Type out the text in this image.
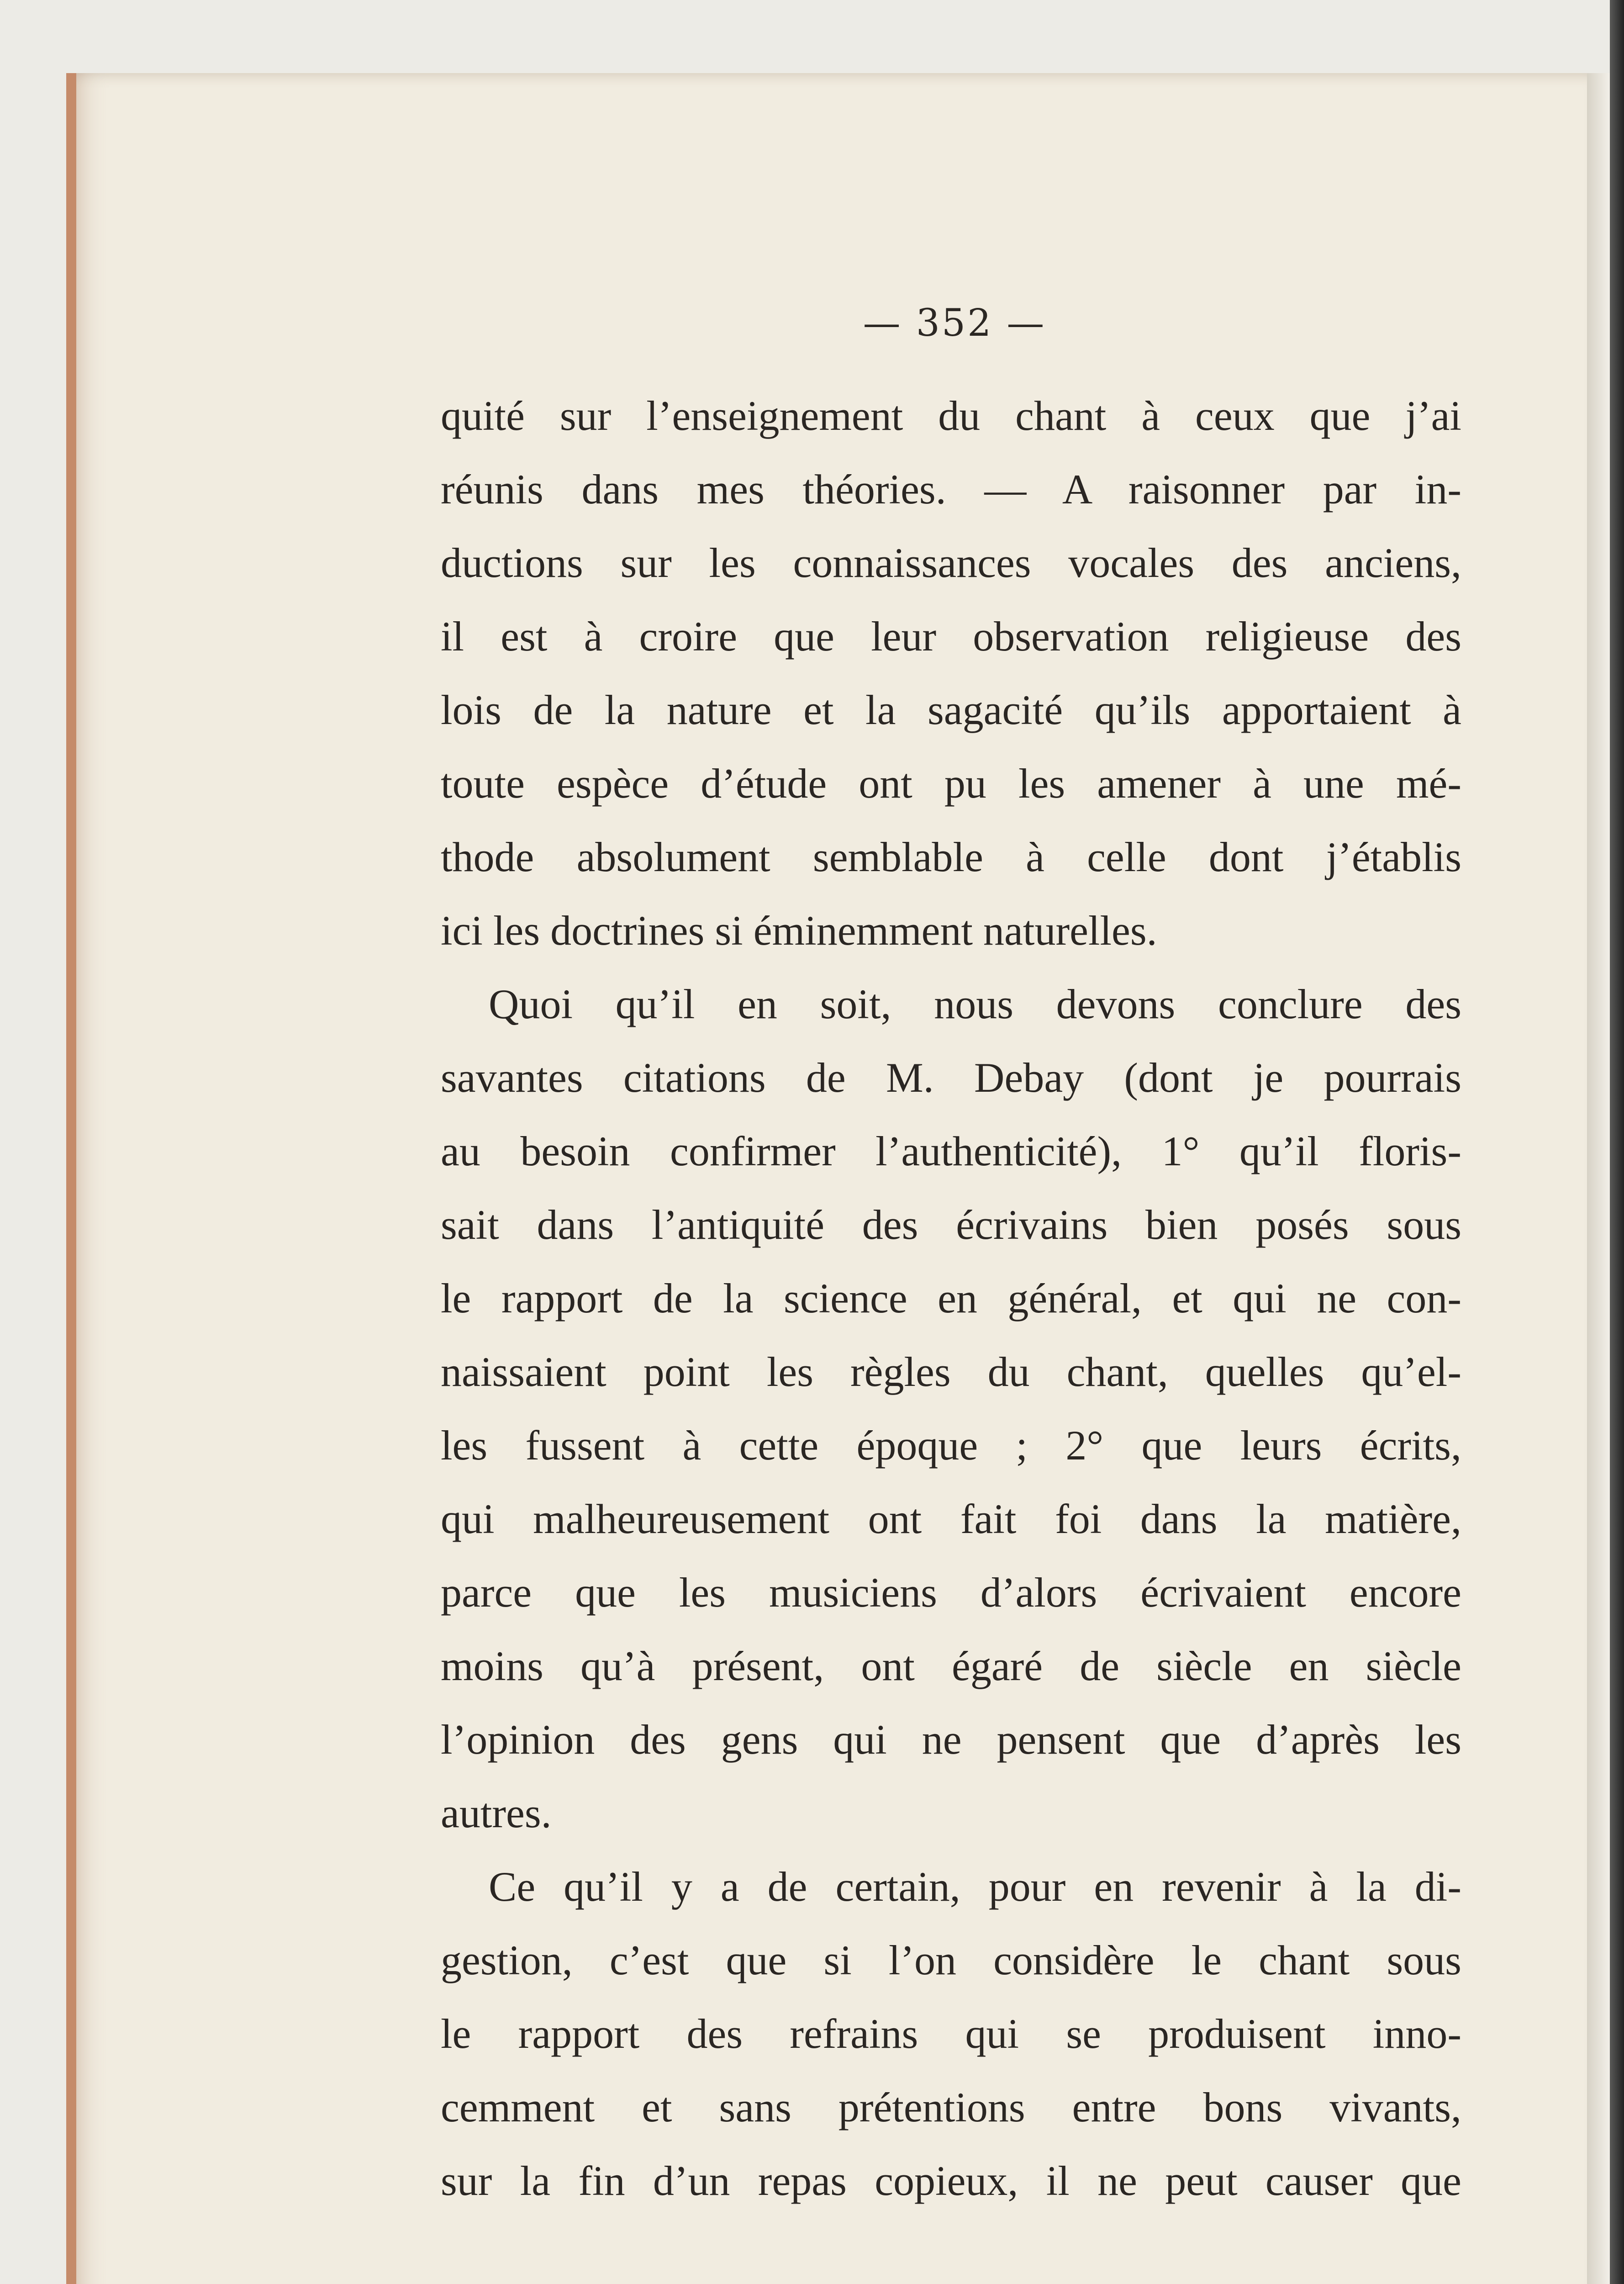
— 352 —
quité sur l’enseignement du chant à ceux que j’ai
réunis dans mes théories. — A raisonner par in-
ductions sur les connaissances vocales des anciens,
il est à croire que leur observation religieuse des
lois de la nature et la sagacité qu’ils apportaient à
toute espèce d’étude ont pu les amener à une mé-
thode absolument semblable à celle dont j’établis
ici les doctrines si éminemment naturelles.
Quoi qu’il en soit, nous devons conclure des
savantes citations de M. Debay (dont je pourrais
au besoin confirmer l’authenticité), 1° qu’il floris-
sait dans l’antiquité des écrivains bien posés sous
le rapport de la science en général, et qui ne con-
naissaient point les règles du chant, quelles qu’el-
les fussent à cette époque ; 2° que leurs écrits,
qui malheureusement ont fait foi dans la matière,
parce que les musiciens d’alors écrivaient encore
moins qu’à présent, ont égaré de siècle en siècle
l’opinion des gens qui ne pensent que d’après les
autres.
Ce qu’il y a de certain, pour en revenir à la di-
gestion, c’est que si l’on considère le chant sous
le rapport des refrains qui se produisent inno-
cemment et sans prétentions entre bons vivants,
sur la fin d’un repas copieux, il ne peut causer que
